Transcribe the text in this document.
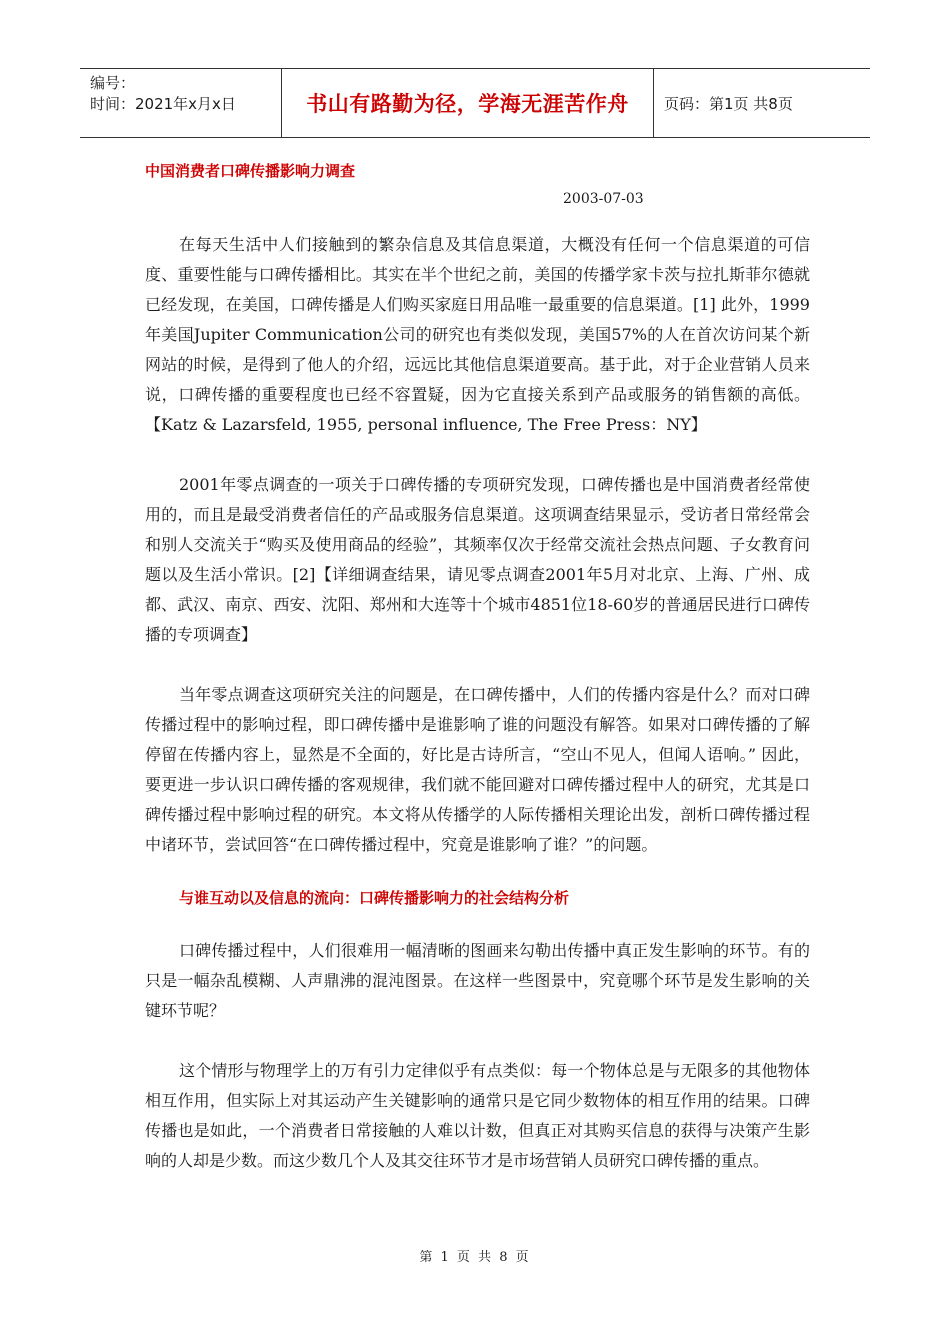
编号：
时间：2021年x月x日	书山有路勤为径，学海无涯苦作舟	页码：第1页 共8页
中国消费者口碑传播影响力调查
2003-07-03

在每天生活中人们接触到的繁杂信息及其信息渠道，大概没有任何一个信息渠道的可信度、重要性能与口碑传播相比。其实在半个世纪之前，美国的传播学家卡茨与拉扎斯菲尔德就已经发现，在美国，口碑传播是人们购买家庭日用品唯一最重要的信息渠道。[1] 此外，1999年美国Jupiter Communication公司的研究也有类似发现，美国57%的人在首次访问某个新网站的时候，是得到了他人的介绍，远远比其他信息渠道要高。基于此，对于企业营销人员来说，口碑传播的重要程度也已经不容置疑，因为它直接关系到产品或服务的销售额的高低。【Katz & Lazarsfeld, 1955, personal influence, The Free Press：NY】

2001年零点调查的一项关于口碑传播的专项研究发现，口碑传播也是中国消费者经常使用的，而且是最受消费者信任的产品或服务信息渠道。这项调查结果显示，受访者日常经常会和别人交流关于“购买及使用商品的经验”，其频率仅次于经常交流社会热点问题、子女教育问题以及生活小常识。[2]【详细调查结果，请见零点调查2001年5月对北京、上海、广州、成都、武汉、南京、西安、沈阳、郑州和大连等十个城市4851位18-60岁的普通居民进行口碑传播的专项调查】

当年零点调查这项研究关注的问题是，在口碑传播中，人们的传播内容是什么？而对口碑传播过程中的影响过程，即口碑传播中是谁影响了谁的问题没有解答。如果对口碑传播的了解停留在传播内容上，显然是不全面的，好比是古诗所言，“空山不见人，但闻人语响。” 因此，要更进一步认识口碑传播的客观规律，我们就不能回避对口碑传播过程中人的研究，尤其是口碑传播过程中影响过程的研究。本文将从传播学的人际传播相关理论出发，剖析口碑传播过程中诸环节，尝试回答“在口碑传播过程中，究竟是谁影响了谁？”的问题。

与谁互动以及信息的流向：口碑传播影响力的社会结构分析

口碑传播过程中，人们很难用一幅清晰的图画来勾勒出传播中真正发生影响的环节。有的只是一幅杂乱模糊、人声鼎沸的混沌图景。在这样一些图景中，究竟哪个环节是发生影响的关键环节呢？

这个情形与物理学上的万有引力定律似乎有点类似：每一个物体总是与无限多的其他物体相互作用，但实际上对其运动产生关键影响的通常只是它同少数物体的相互作用的结果。口碑传播也是如此，一个消费者日常接触的人难以计数，但真正对其购买信息的获得与决策产生影响的人却是少数。而这少数几个人及其交往环节才是市场营销人员研究口碑传播的重点。

第 1 页 共 8 页
